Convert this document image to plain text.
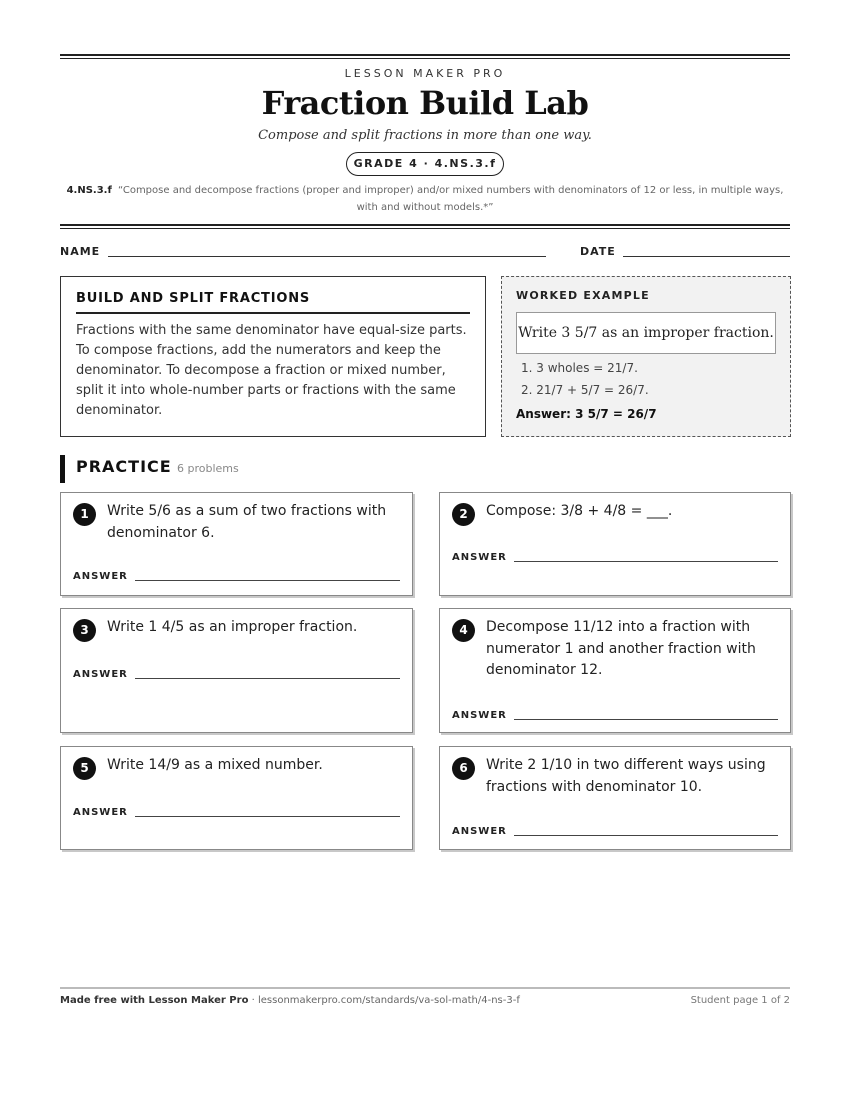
LESSON MAKER PRO
Fraction Build Lab
Compose and split fractions in more than one way.
GRADE 4 · 4.NS.3.f
4.NS.3.f “Compose and decompose fractions (proper and improper) and/or mixed numbers with denominators of 12 or less, in multiple ways, with and without models.*”
NAME	DATE
BUILD AND SPLIT FRACTIONS
Fractions with the same denominator have equal-size parts. To compose fractions, add the numerators and keep the denominator. To decompose a fraction or mixed number, split it into whole-number parts or fractions with the same denominator.
WORKED EXAMPLE
Write 3 5/7 as an improper fraction.
1. 3 wholes = 21/7.
2. 21/7 + 5/7 = 26/7.
Answer: 3 5/7 = 26/7
PRACTICE 6 problems
1	Write 5/6 as a sum of two fractions with denominator 6.
ANSWER
2	Compose: 3/8 + 4/8 = ___.
ANSWER
3	Write 1 4/5 as an improper fraction.
ANSWER
4	Decompose 11/12 into a fraction with numerator 1 and another fraction with denominator 12.
ANSWER
5	Write 14/9 as a mixed number.
ANSWER
6	Write 2 1/10 in two different ways using fractions with denominator 10.
ANSWER
Made free with Lesson Maker Pro · lessonmakerpro.com/standards/va-sol-math/4-ns-3-f	Student page 1 of 2
